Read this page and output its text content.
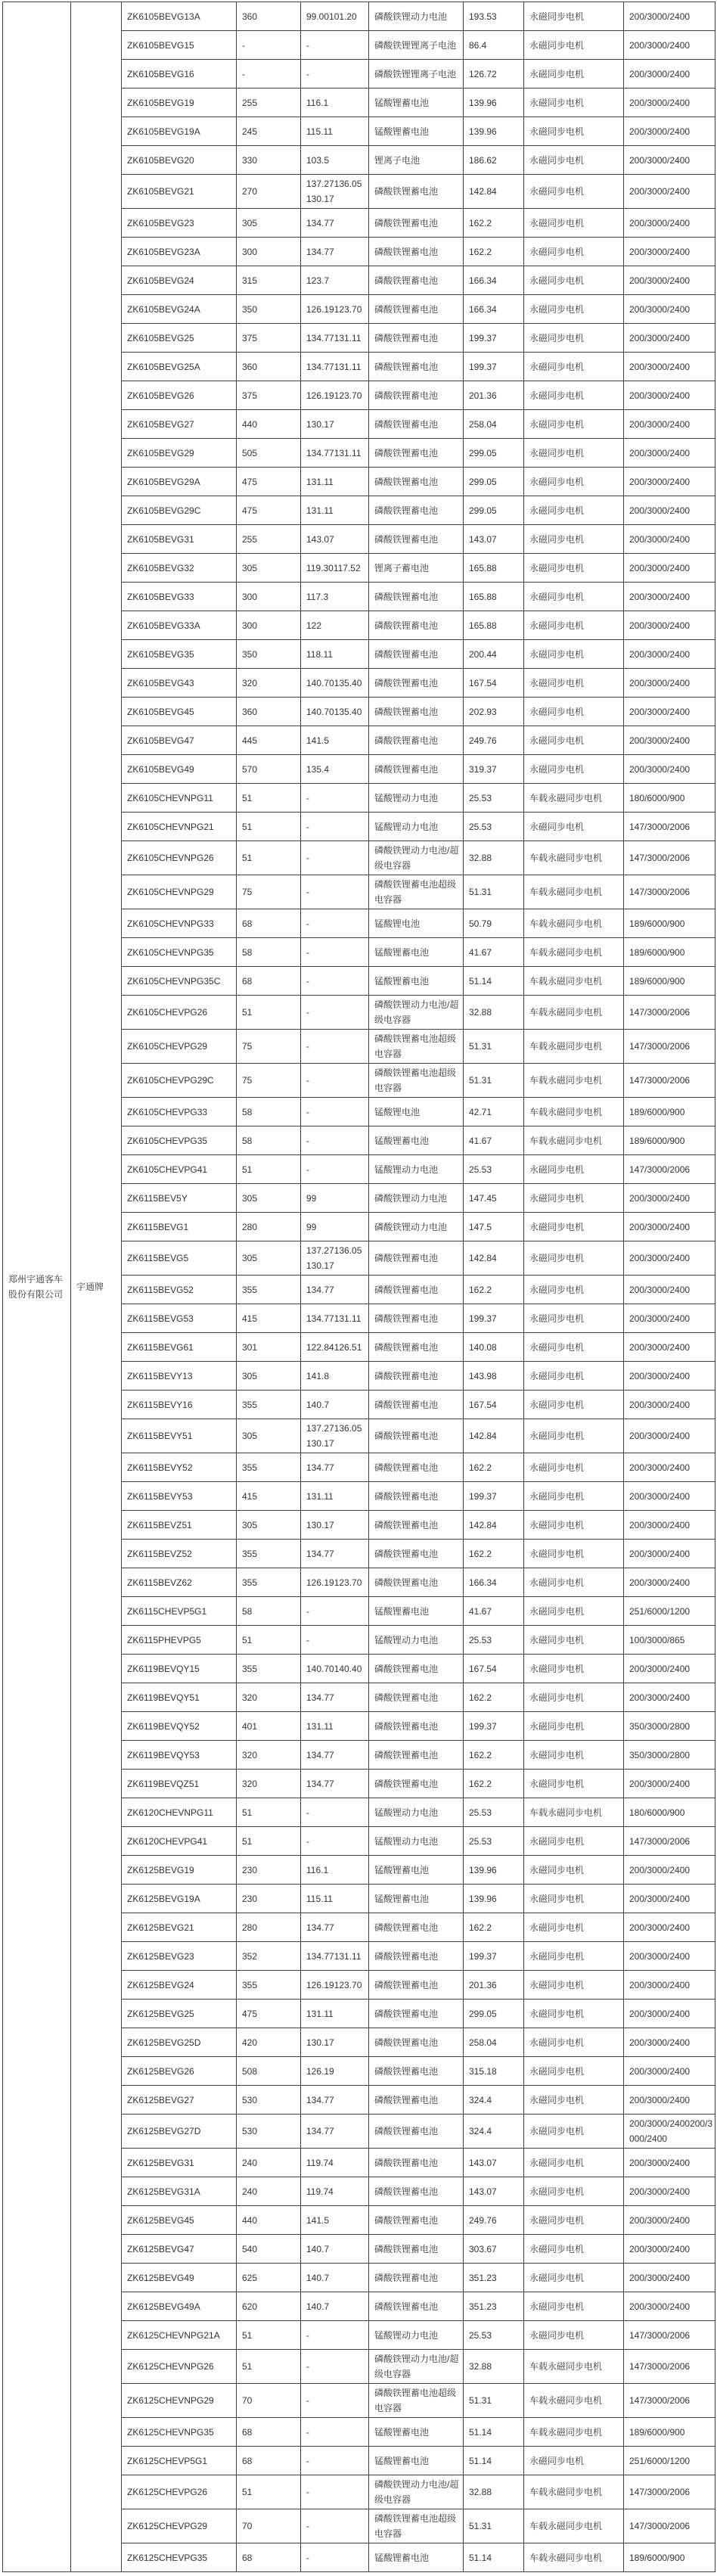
郑州宇通客车股份有限公司	宇通牌	ZK6105BEVG13A	360	99.00101.20	磷酸铁锂动力电池	193.53	永磁同步电机	200/3000/2400
		ZK6105BEVG15	-	-	磷酸铁锂锂离子电池	86.4	永磁同步电机	200/3000/2400
		ZK6105BEVG16	-	-	磷酸铁锂锂离子电池	126.72	永磁同步电机	200/3000/2400
		ZK6105BEVG19	255	116.1	锰酸锂蓄电池	139.96	永磁同步电机	200/3000/2400
		ZK6105BEVG19A	245	115.11	锰酸锂蓄电池	139.96	永磁同步电机	200/3000/2400
		ZK6105BEVG20	330	103.5	锂离子电池	186.62	永磁同步电机	200/3000/2400
		ZK6105BEVG21	270	137.27136.05 130.17	磷酸铁锂蓄电池	142.84	永磁同步电机	200/3000/2400
		ZK6105BEVG23	305	134.77	磷酸铁锂蓄电池	162.2	永磁同步电机	200/3000/2400
		ZK6105BEVG23A	300	134.77	磷酸铁锂蓄电池	162.2	永磁同步电机	200/3000/2400
		ZK6105BEVG24	315	123.7	磷酸铁锂蓄电池	166.34	永磁同步电机	200/3000/2400
		ZK6105BEVG24A	350	126.19123.70	磷酸铁锂蓄电池	166.34	永磁同步电机	200/3000/2400
		ZK6105BEVG25	375	134.77131.11	磷酸铁锂蓄电池	199.37	永磁同步电机	200/3000/2400
		ZK6105BEVG25A	360	134.77131.11	磷酸铁锂蓄电池	199.37	永磁同步电机	200/3000/2400
		ZK6105BEVG26	375	126.19123.70	磷酸铁锂蓄电池	201.36	永磁同步电机	200/3000/2400
		ZK6105BEVG27	440	130.17	磷酸铁锂蓄电池	258.04	永磁同步电机	200/3000/2400
		ZK6105BEVG29	505	134.77131.11	磷酸铁锂蓄电池	299.05	永磁同步电机	200/3000/2400
		ZK6105BEVG29A	475	131.11	磷酸铁锂蓄电池	299.05	永磁同步电机	200/3000/2400
		ZK6105BEVG29C	475	131.11	磷酸铁锂蓄电池	299.05	永磁同步电机	200/3000/2400
		ZK6105BEVG31	255	143.07	磷酸铁锂蓄电池	143.07	永磁同步电机	200/3000/2400
		ZK6105BEVG32	305	119.30117.52	锂离子蓄电池	165.88	永磁同步电机	200/3000/2400
		ZK6105BEVG33	300	117.3	磷酸铁锂蓄电池	165.88	永磁同步电机	200/3000/2400
		ZK6105BEVG33A	300	122	磷酸铁锂蓄电池	165.88	永磁同步电机	200/3000/2400
		ZK6105BEVG35	350	118.11	磷酸铁锂蓄电池	200.44	永磁同步电机	200/3000/2400
		ZK6105BEVG43	320	140.70135.40	磷酸铁锂蓄电池	167.54	永磁同步电机	200/3000/2400
		ZK6105BEVG45	360	140.70135.40	磷酸铁锂蓄电池	202.93	永磁同步电机	200/3000/2400
		ZK6105BEVG47	445	141.5	磷酸铁锂蓄电池	249.76	永磁同步电机	200/3000/2400
		ZK6105BEVG49	570	135.4	磷酸铁锂蓄电池	319.37	永磁同步电机	200/3000/2400
		ZK6105CHEVNPG11	51	-	锰酸锂动力电池	25.53	车载永磁同步电机	180/6000/900
		ZK6105CHEVNPG21	51	-	锰酸锂动力电池	25.53	永磁同步电机	147/3000/2006
		ZK6105CHEVNPG26	51	-	磷酸铁锂动力电池/超级电容器	32.88	车载永磁同步电机	147/3000/2006
		ZK6105CHEVNPG29	75	-	磷酸铁锂蓄电池超级电容器	51.31	车载永磁同步电机	147/3000/2006
		ZK6105CHEVNPG33	68	-	锰酸锂电池	50.79	车载永磁同步电机	189/6000/900
		ZK6105CHEVNPG35	58	-	锰酸锂蓄电池	41.67	车载永磁同步电机	189/6000/900
		ZK6105CHEVNPG35C	68	-	锰酸锂蓄电池	51.14	车载永磁同步电机	189/6000/900
		ZK6105CHEVPG26	51	-	磷酸铁锂动力电池/超级电容器	32.88	车载永磁同步电机	147/3000/2006
		ZK6105CHEVPG29	75	-	磷酸铁锂蓄电池超级电容器	51.31	车载永磁同步电机	147/3000/2006
		ZK6105CHEVPG29C	75	-	磷酸铁锂蓄电池超级电容器	51.31	车载永磁同步电机	147/3000/2006
		ZK6105CHEVPG33	58	-	锰酸锂电池	42.71	车载永磁同步电机	189/6000/900
		ZK6105CHEVPG35	58	-	锰酸锂蓄电池	41.67	车载永磁同步电机	189/6000/900
		ZK6105CHEVPG41	51	-	锰酸锂动力电池	25.53	永磁同步电机	147/3000/2006
		ZK6115BEV5Y	305	99	磷酸铁锂动力电池	147.45	永磁同步电机	200/3000/2400
		ZK6115BEVG1	280	99	磷酸铁锂动力电池	147.5	永磁同步电机	200/3000/2400
		ZK6115BEVG5	305	137.27136.05 130.17	磷酸铁锂蓄电池	142.84	永磁同步电机	200/3000/2400
		ZK6115BEVG52	355	134.77	磷酸铁锂蓄电池	162.2	永磁同步电机	200/3000/2400
		ZK6115BEVG53	415	134.77131.11	磷酸铁锂蓄电池	199.37	永磁同步电机	200/3000/2400
		ZK6115BEVG61	301	122.84126.51	磷酸铁锂蓄电池	140.08	永磁同步电机	200/3000/2400
		ZK6115BEVY13	305	141.8	磷酸铁锂蓄电池	143.98	永磁同步电机	200/3000/2400
		ZK6115BEVY16	355	140.7	磷酸铁锂蓄电池	167.54	永磁同步电机	200/3000/2400
		ZK6115BEVY51	305	137.27136.05 130.17	磷酸铁锂蓄电池	142.84	永磁同步电机	200/3000/2400
		ZK6115BEVY52	355	134.77	磷酸铁锂蓄电池	162.2	永磁同步电机	200/3000/2400
		ZK6115BEVY53	415	131.11	磷酸铁锂蓄电池	199.37	永磁同步电机	200/3000/2400
		ZK6115BEVZ51	305	130.17	磷酸铁锂蓄电池	142.84	永磁同步电机	200/3000/2400
		ZK6115BEVZ52	355	134.77	磷酸铁锂蓄电池	162.2	永磁同步电机	200/3000/2400
		ZK6115BEVZ62	355	126.19123.70	磷酸铁锂蓄电池	166.34	永磁同步电机	200/3000/2400
		ZK6115CHEVP5G1	58	-	锰酸锂蓄电池	41.67	永磁同步电机	251/6000/1200
		ZK6115PHEVPG5	51	-	锰酸锂动力电池	25.53	永磁同步电机	100/3000/865
		ZK6119BEVQY15	355	140.70140.40	磷酸铁锂蓄电池	167.54	永磁同步电机	200/3000/2400
		ZK6119BEVQY51	320	134.77	磷酸铁锂蓄电池	162.2	永磁同步电机	200/3000/2400
		ZK6119BEVQY52	401	131.11	磷酸铁锂蓄电池	199.37	永磁同步电机	350/3000/2800
		ZK6119BEVQY53	320	134.77	磷酸铁锂蓄电池	162.2	永磁同步电机	350/3000/2800
		ZK6119BEVQZ51	320	134.77	磷酸铁锂蓄电池	162.2	永磁同步电机	200/3000/2400
		ZK6120CHEVNPG11	51	-	锰酸锂动力电池	25.53	车载永磁同步电机	180/6000/900
		ZK6120CHEVPG41	51	-	锰酸锂动力电池	25.53	永磁同步电机	147/3000/2006
		ZK6125BEVG19	230	116.1	锰酸锂蓄电池	139.96	永磁同步电机	200/3000/2400
		ZK6125BEVG19A	230	115.11	锰酸锂蓄电池	139.96	永磁同步电机	200/3000/2400
		ZK6125BEVG21	280	134.77	磷酸铁锂蓄电池	162.2	永磁同步电机	200/3000/2400
		ZK6125BEVG23	352	134.77131.11	磷酸铁锂蓄电池	199.37	永磁同步电机	200/3000/2400
		ZK6125BEVG24	355	126.19123.70	磷酸铁锂蓄电池	201.36	永磁同步电机	200/3000/2400
		ZK6125BEVG25	475	131.11	磷酸铁锂蓄电池	299.05	永磁同步电机	200/3000/2400
		ZK6125BEVG25D	420	130.17	磷酸铁锂蓄电池	258.04	永磁同步电机	200/3000/2400
		ZK6125BEVG26	508	126.19	磷酸铁锂蓄电池	315.18	永磁同步电机	200/3000/2400
		ZK6125BEVG27	530	134.77	磷酸铁锂蓄电池	324.4	永磁同步电机	200/3000/2400
		ZK6125BEVG27D	530	134.77	磷酸铁锂蓄电池	324.4	永磁同步电机	200/3000/2400200/3000/2400
		ZK6125BEVG31	240	119.74	磷酸铁锂蓄电池	143.07	永磁同步电机	200/3000/2400
		ZK6125BEVG31A	240	119.74	磷酸铁锂蓄电池	143.07	永磁同步电机	200/3000/2400
		ZK6125BEVG45	440	141.5	磷酸铁锂蓄电池	249.76	永磁同步电机	200/3000/2400
		ZK6125BEVG47	540	140.7	磷酸铁锂蓄电池	303.67	永磁同步电机	200/3000/2400
		ZK6125BEVG49	625	140.7	磷酸铁锂蓄电池	351.23	永磁同步电机	200/3000/2400
		ZK6125BEVG49A	620	140.7	磷酸铁锂蓄电池	351.23	永磁同步电机	200/3000/2400
		ZK6125CHEVNPG21A	51	-	锰酸锂动力电池	25.53	永磁同步电机	147/3000/2006
		ZK6125CHEVNPG26	51	-	磷酸铁锂动力电池/超级电容器	32.88	车载永磁同步电机	147/3000/2006
		ZK6125CHEVNPG29	70	-	磷酸铁锂蓄电池超级电容器	51.31	车载永磁同步电机	147/3000/2006
		ZK6125CHEVNPG35	68	-	锰酸锂蓄电池	51.14	车载永磁同步电机	189/6000/900
		ZK6125CHEVP5G1	68	-	锰酸锂蓄电池	51.14	永磁同步电机	251/6000/1200
		ZK6125CHEVPG26	51	-	磷酸铁锂动力电池/超级电容器	32.88	车载永磁同步电机	147/3000/2006
		ZK6125CHEVPG29	70	-	磷酸铁锂蓄电池超级电容器	51.31	车载永磁同步电机	147/3000/2006
		ZK6125CHEVPG35	68	-	锰酸锂蓄电池	51.14	车载永磁同步电机	189/6000/900
